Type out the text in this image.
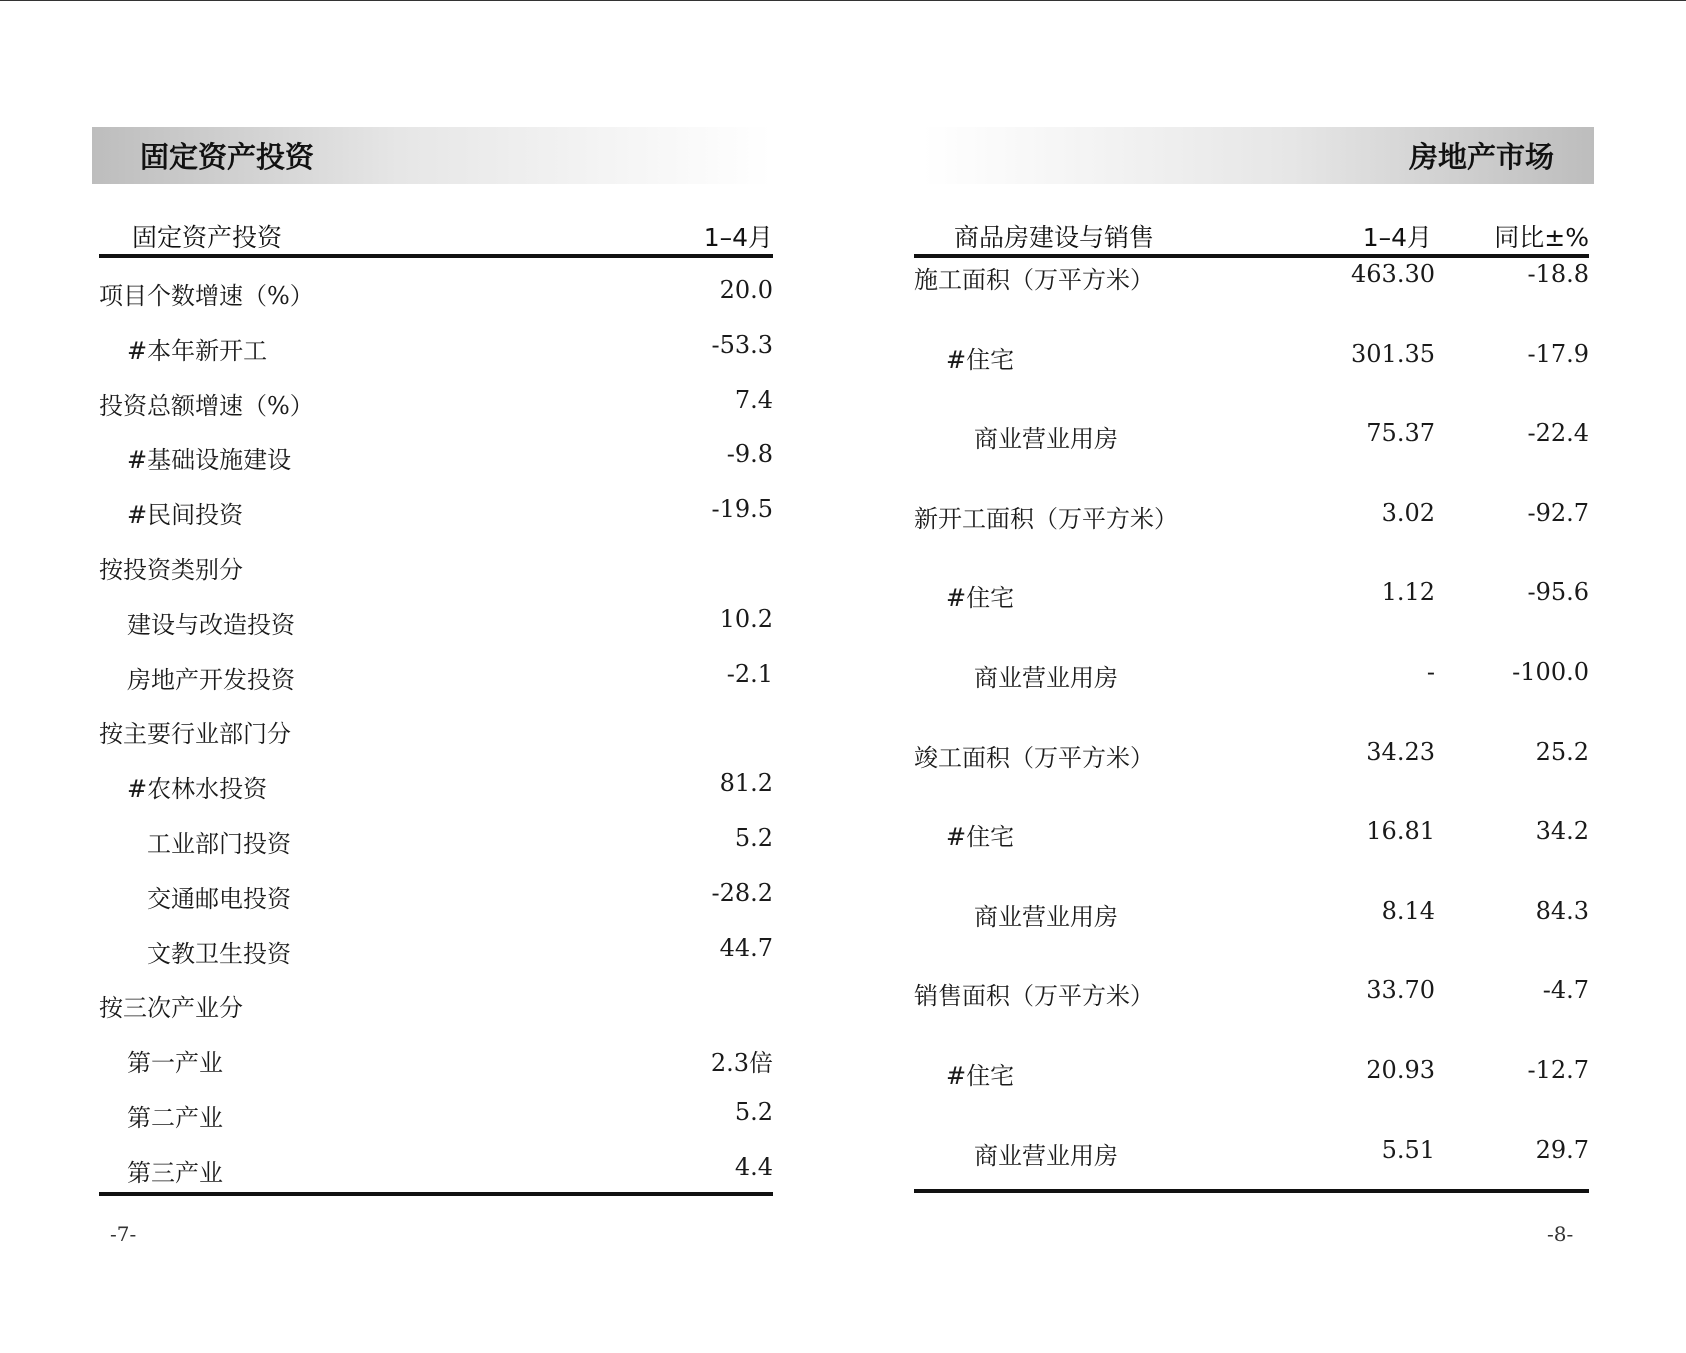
固定资产投资
固定资产投资	1–4月
项目个数增速（%）	20.0
#本年新开工	-53.3
投资总额增速（%）	7.4
#基础设施建设	-9.8
#民间投资	-19.5
按投资类别分
建设与改造投资	10.2
房地产开发投资	-2.1
按主要行业部门分
#农林水投资	81.2
工业部门投资	5.2
交通邮电投资	-28.2
文教卫生投资	44.7
按三次产业分
第一产业	2.3倍
第二产业	5.2
第三产业	4.4
-7-
房地产市场
商品房建设与销售	1–4月 同比±%
施工面积（万平方米）	463.30	-18.8
#住宅	301.35	-17.9
商业营业用房	75.37	-22.4
新开工面积（万平方米）	3.02	-92.7
#住宅	1.12	-95.6
商业营业用房	-	-100.0
竣工面积（万平方米）	34.23	25.2
#住宅	16.81	34.2
商业营业用房	8.14	84.3
销售面积（万平方米）	33.70	-4.7
#住宅	20.93	-12.7
商业营业用房	5.51	29.7
-8-
